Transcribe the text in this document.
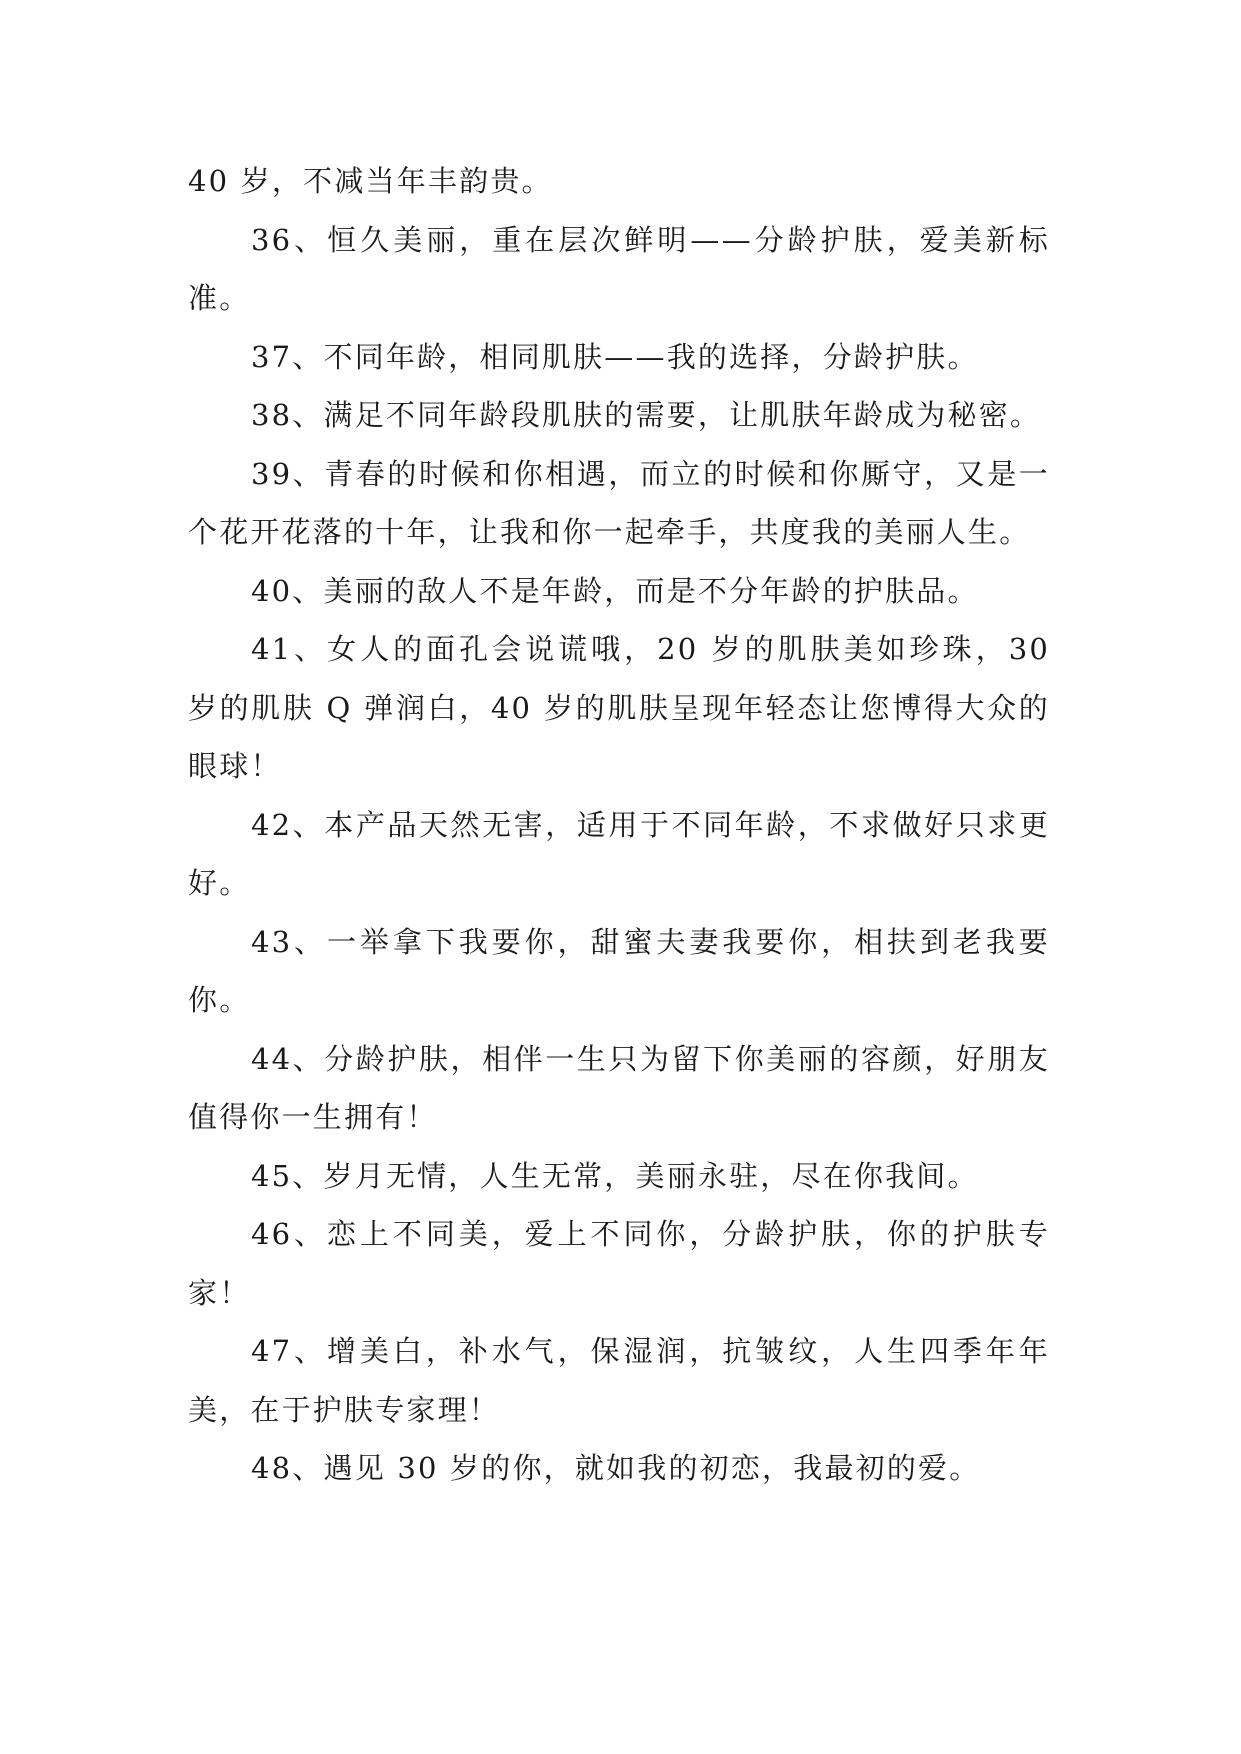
40 岁，不减当年丰韵贵。

36、恒久美丽，重在层次鲜明——分龄护肤，爱美新标准。

37、不同年龄，相同肌肤——我的选择，分龄护肤。

38、满足不同年龄段肌肤的需要，让肌肤年龄成为秘密。

39、青春的时候和你相遇，而立的时候和你厮守，又是一个花开花落的十年，让我和你一起牵手，共度我的美丽人生。

40、美丽的敌人不是年龄，而是不分年龄的护肤品。

41、女人的面孔会说谎哦，20 岁的肌肤美如珍珠，30 岁的肌肤 Q 弹润白，40 岁的肌肤呈现年轻态让您博得大众的眼球！

42、本产品天然无害，适用于不同年龄，不求做好只求更好。

43、一举拿下我要你，甜蜜夫妻我要你，相扶到老我要你。

44、分龄护肤，相伴一生只为留下你美丽的容颜，好朋友值得你一生拥有！

45、岁月无情，人生无常，美丽永驻，尽在你我间。

46、恋上不同美，爱上不同你，分龄护肤，你的护肤专家！

47、增美白，补水气，保湿润，抗皱纹，人生四季年年美，在于护肤专家理！

48、遇见 30 岁的你，就如我的初恋，我最初的爱。
